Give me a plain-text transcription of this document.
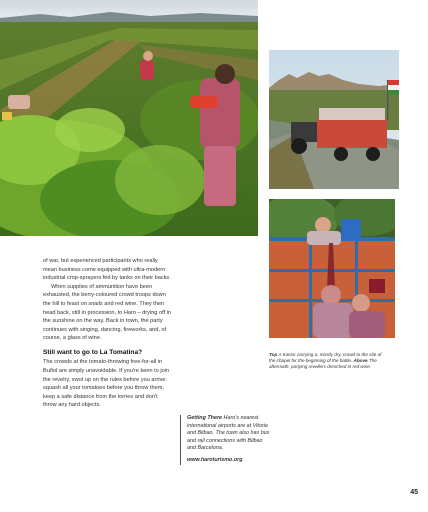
of war, but experienced participants who really mean business come equipped with ultra-modern industrial crop-sprayers fed by tanks on their backs.

When supplies of ammunition have been exhausted, the berry-coloured crowd troops down the hill to feast on snails and red wine. They then head back, still in procession, to Haro – drying off in the sunshine on the way. Back in town, the party continues with singing, dancing, fireworks, and, of course, a glass of wine.

Still want to go to La Tomatina?

The crowds at the tomato-throwing free-for-all in Buñol are simply unavoidable. If you're keen to join the revelry, swot up on the rules before you arrive: squash all your tomatoes before you throw them, keep a safe distance from the lorries and don't throw any hard objects.

Getting There Haro's nearest international airports are at Vitoria and Bilbao. The town also has bus and rail connections with Bilbao and Barcelona.
www.haroturismo.org
Top A tractor carrying a, mostly dry, crowd to the site of the chapel for the beginning of the battle. Above The aftermath: partying revellers drenched in red wine.
45
